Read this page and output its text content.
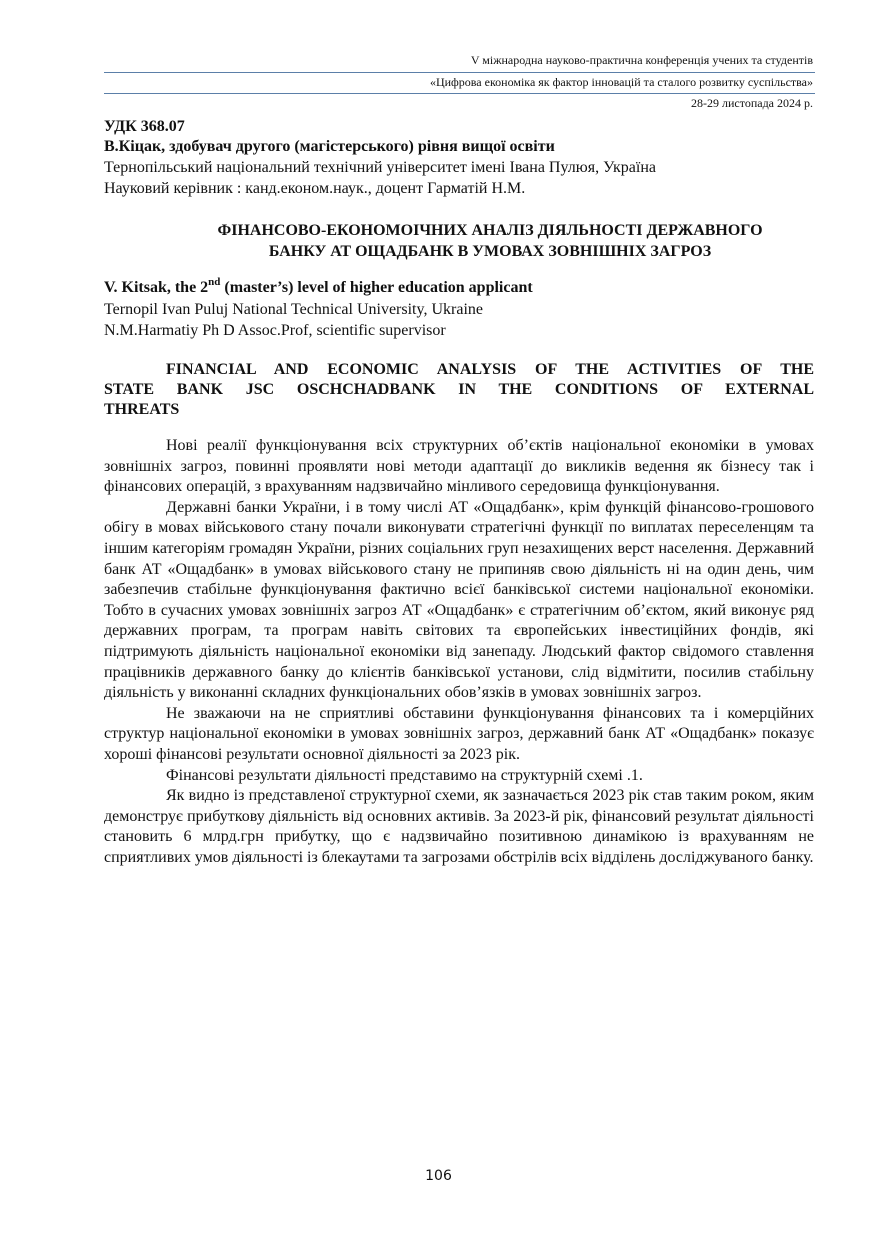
V міжнародна науково-практична конференція учених та студентів
«Цифрова економіка як фактор інновацій та сталого розвитку суспільства»
28-29 листопада 2024 р.
УДК 368.07
В.Кіцак, здобувач другого (магістерського) рівня вищої освіти
Тернопільський національний технічний університет імені Івана Пулюя, Україна
Науковий керівник : канд.економ.наук., доцент Гарматій Н.М.
ФІНАНСОВО-ЕКОНОМОІЧНИХ АНАЛІЗ ДІЯЛЬНОСТІ ДЕРЖАВНОГО
БАНКУ АТ ОЩАДБАНК В УМОВАХ ЗОВНІШНІХ ЗАГРОЗ
V. Kitsak, the 2nd (master’s) level of higher education applicant
Ternopil Ivan Puluj National Technical University, Ukraine
N.M.Harmatiy Ph D Assoc.Prof, scientific supervisor
FINANCIAL AND ECONOMIC ANALYSIS OF THE ACTIVITIES OF THE
STATE BANK JSC OSCHCHADBANK IN THE CONDITIONS OF EXTERNAL
THREATS

Нові реалії функціонування всіх структурних об’єктів національної економіки в умовах зовнішніх загроз, повинні проявляти нові методи адаптації до викликів ведення як бізнесу так і фінансових операцій, з врахуванням надзвичайно мінливого середовища функціонування.

Державні банки України, і в тому числі АТ «Ощадбанк», крім функцій фінансово-грошового обігу в мовах військового стану почали виконувати стратегічні функції по виплатах переселенцям та іншим категоріям громадян України, різних соціальних груп незахищених верст населення. Державний банк АТ «Ощадбанк» в умовах військового стану не припиняв свою діяльність ні на один день, чим забезпечив стабільне функціонування фактично всієї банківської системи національної економіки. Тобто в сучасних умовах зовнішніх загроз АТ «Ощадбанк» є стратегічним об’єктом, який виконує ряд державних програм, та програм навіть світових та європейських інвестиційних фондів, які підтримують діяльність національної економіки від занепаду. Людський фактор свідомого ставлення працівників державного банку до клієнтів банківської установи, слід відмітити, посилив стабільну діяльність у виконанні складних функціональних обов’язків в умовах зовнішніх загроз.

Не зважаючи на не сприятливі обставини функціонування фінансових та і комерційних структур національної економіки в умовах зовнішніх загроз, державний банк АТ «Ощадбанк» показує хороші фінансові результати основної діяльності за 2023 рік.

Фінансові результати діяльності представимо на структурній схемі .1.

Як видно із представленої структурної схеми, як зазначається 2023 рік став таким роком, яким демонструє прибуткову діяльність від основних активів. За 2023-й рік, фінансовий результат діяльності становить 6 млрд.грн прибутку, що є надзвичайно позитивною динамікою із врахуванням не сприятливих умов діяльності із блекаутами та загрозами обстрілів всіх відділень досліджуваного банку.

106
